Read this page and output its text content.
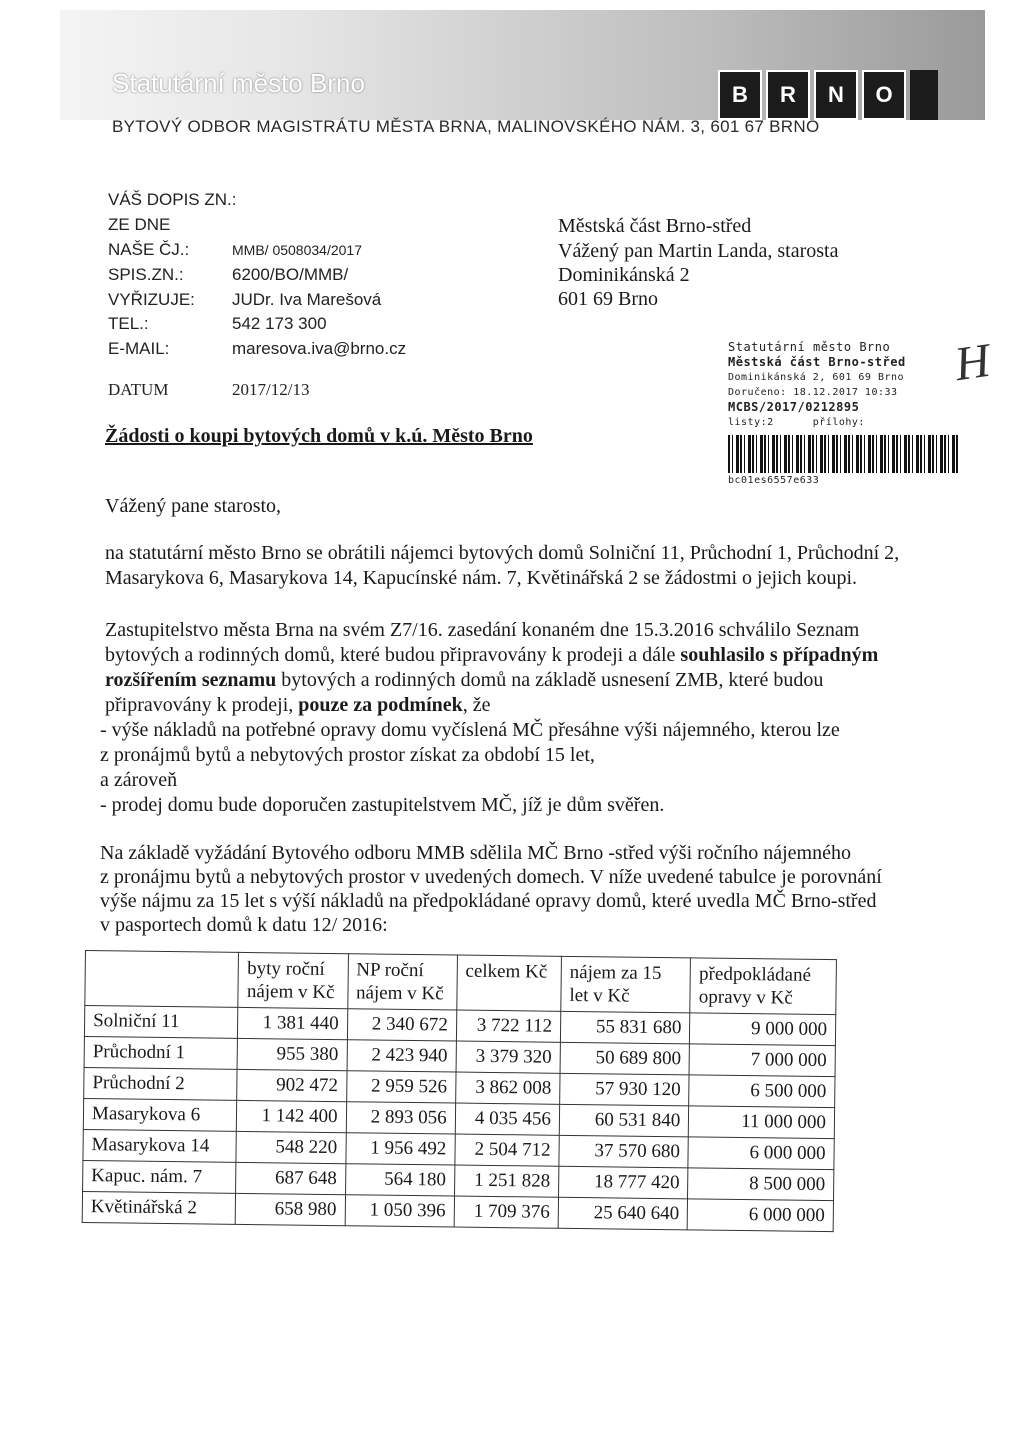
Statutární město Brno	B	R	N	O
BYTOVÝ ODBOR MAGISTRÁTU MĚSTA BRNA, MALINOVSKÉHO NÁM. 3, 601 67 BRNO
VÁŠ DOPIS ZN.:
ZE DNE
NAŠE ČJ.:	MMB/ 0508034/2017
SPIS.ZN.:	6200/BO/MMB/
VYŘIZUJE: JUDr. Iva Marešová
TEL.:	542 173 300
E-MAIL:	maresova.iva@brno.cz
DATUM	2017/12/13
Městská část Brno-střed
Vážený pan Martin Landa, starosta
Dominikánská 2
601 69 Brno
Statutární město Brno
Městská část Brno-střed
Dominikánská 2, 601 69 Brno
Doručeno: 18.12.2017 10:33
MCBS/2017/0212895
listy:2      přílohy:
bc01es6557e633
H
Žádosti o koupi bytových domů v k.ú. Město Brno
Vážený pane starosto,
na statutární město Brno se obrátili nájemci bytových domů Solniční 11, Průchodní 1, Průchodní 2,
Masarykova 6, Masarykova 14, Kapucínské nám. 7, Květinářská 2 se žádostmi o jejich koupi.
Zastupitelstvo města Brna na svém Z7/16. zasedání konaném dne 15.3.2016 schválilo Seznam
bytových a rodinných domů, které budou připravovány k prodeji a dále souhlasilo s případným
rozšířením seznamu bytových a rodinných domů na základě usnesení ZMB, které budou
připravovány k prodeji, pouze za podmínek, že
- výše nákladů na potřebné opravy domu vyčíslená MČ přesáhne výši nájemného, kterou lze
z pronájmů bytů a nebytových prostor získat za období 15 let,
a zároveň
- prodej domu bude doporučen zastupitelstvem MČ, jíž je dům svěřen.
Na základě vyžádání Bytového odboru MMB sdělila MČ Brno -střed výši ročního nájemného
z pronájmu bytů a nebytových prostor v uvedených domech. V níže uvedené tabulce je porovnání
výše nájmu za 15 let s výší nákladů na předpokládané opravy domů, které uvedla MČ Brno-střed
v pasportech domů k datu 12/ 2016:
	byty roční nájem v Kč	NP roční nájem v Kč	celkem Kč	nájem za 15 let v Kč	předpokládané opravy v Kč
Solniční 11	1 381 440	2 340 672	3 722 112	55 831 680	9 000 000
Průchodní 1	955 380	2 423 940	3 379 320	50 689 800	7 000 000
Průchodní 2	902 472	2 959 526	3 862 008	57 930 120	6 500 000
Masarykova 6	1 142 400	2 893 056	4 035 456	60 531 840	11 000 000
Masarykova 14	548 220	1 956 492	2 504 712	37 570 680	6 000 000
Kapuc. nám. 7	687 648	564 180	1 251 828	18 777 420	8 500 000
Květinářská 2	658 980	1 050 396	1 709 376	25 640 640	6 000 000
